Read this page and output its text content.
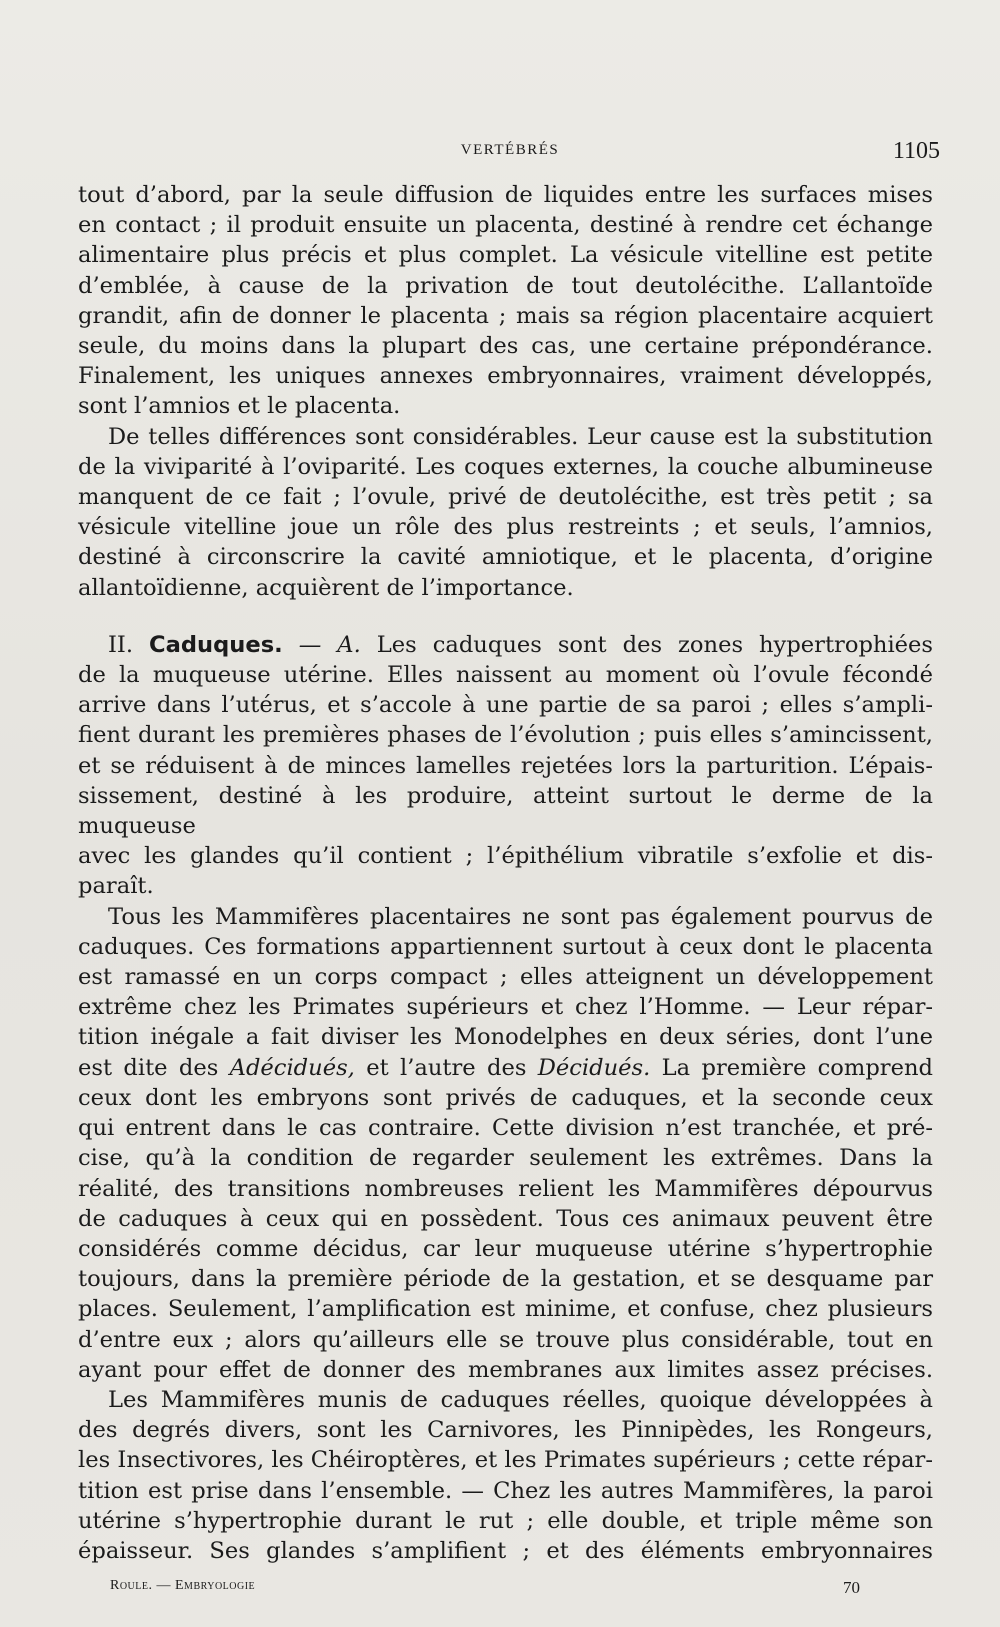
VERTÉBRÉS	1105

tout d’abord, par la seule diffusion de liquides entre les surfaces mises

en contact ; il produit ensuite un placenta, destiné à rendre cet échange

alimentaire plus précis et plus complet. La vésicule vitelline est petite

d’emblée, à cause de la privation de tout deutolécithe. L’allantoïde

grandit, afin de donner le placenta ; mais sa région placentaire acquiert

seule, du moins dans la plupart des cas, une certaine prépondérance.

Finalement, les uniques annexes embryonnaires, vraiment développés,

sont l’amnios et le placenta.

De telles différences sont considérables. Leur cause est la substitution

de la viviparité à l’oviparité. Les coques externes, la couche albumineuse

manquent de ce fait ; l’ovule, privé de deutolécithe, est très petit ; sa

vésicule vitelline joue un rôle des plus restreints ; et seuls, l’amnios,

destiné à circonscrire la cavité amniotique, et le placenta, d’origine

allantoïdienne, acquièrent de l’importance.

II. Caduques. — A. Les caduques sont des zones hypertrophiées

de la muqueuse utérine. Elles naissent au moment où l’ovule fécondé

arrive dans l’utérus, et s’accole à une partie de sa paroi ; elles s’ampli-

fient durant les premières phases de l’évolution ; puis elles s’amincissent,

et se réduisent à de minces lamelles rejetées lors la parturition. L’épais-

sissement, destiné à les produire, atteint surtout le derme de la muqueuse

avec les glandes qu’il contient ; l’épithélium vibratile s’exfolie et dis-

paraît.

Tous les Mammifères placentaires ne sont pas également pourvus de

caduques. Ces formations appartiennent surtout à ceux dont le placenta

est ramassé en un corps compact ; elles atteignent un développement

extrême chez les Primates supérieurs et chez l’Homme. — Leur répar-

tition inégale a fait diviser les Monodelphes en deux séries, dont l’une

est dite des Adécidués, et l’autre des Décidués. La première comprend

ceux dont les embryons sont privés de caduques, et la seconde ceux

qui entrent dans le cas contraire. Cette division n’est tranchée, et pré-

cise, qu’à la condition de regarder seulement les extrêmes. Dans la

réalité, des transitions nombreuses relient les Mammifères dépourvus

de caduques à ceux qui en possèdent. Tous ces animaux peuvent être

considérés comme décidus, car leur muqueuse utérine s’hypertrophie

toujours, dans la première période de la gestation, et se desquame par

places. Seulement, l’amplification est minime, et confuse, chez plusieurs

d’entre eux ; alors qu’ailleurs elle se trouve plus considérable, tout en

ayant pour effet de donner des membranes aux limites assez précises.

Les Mammifères munis de caduques réelles, quoique développées à

des degrés divers, sont les Carnivores, les Pinnipèdes, les Rongeurs,

les Insectivores, les Chéiroptères, et les Primates supérieurs ; cette répar-

tition est prise dans l’ensemble. — Chez les autres Mammifères, la paroi

utérine s’hypertrophie durant le rut ; elle double, et triple même son

épaisseur. Ses glandes s’amplifient ; et des éléments embryonnaires

Roule. — Embryologie	70
